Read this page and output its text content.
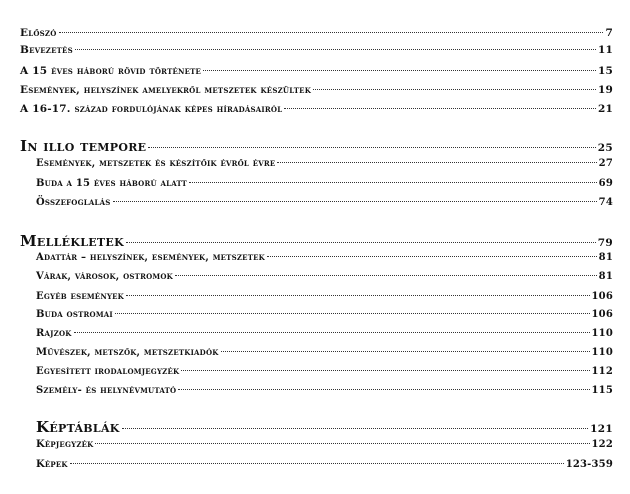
Előszó	7
Bevezetés	11
A 15 éves háború rövid története	15
Események, helyszínek amelyekről metszetek készültek	19
A 16-17. század fordulójának képes híradásairól	21
In illo tempore	25
Események, metszetek és készítőik évről évre	27
Buda a 15 éves háború alatt	69
Összefoglalás	74
Mellékletek	79
Adattár – helyszínek, események, metszetek	81
Várak, városok, ostromok	81
Egyéb események	106
Buda ostromai	106
Rajzok	110
Művészek, metszők, metszetkiadók	110
Egyesített irodalomjegyzék	112
Személy- és helynévmutató	115
Képtáblák	121
Képjegyzék	122
Képek	123-359
